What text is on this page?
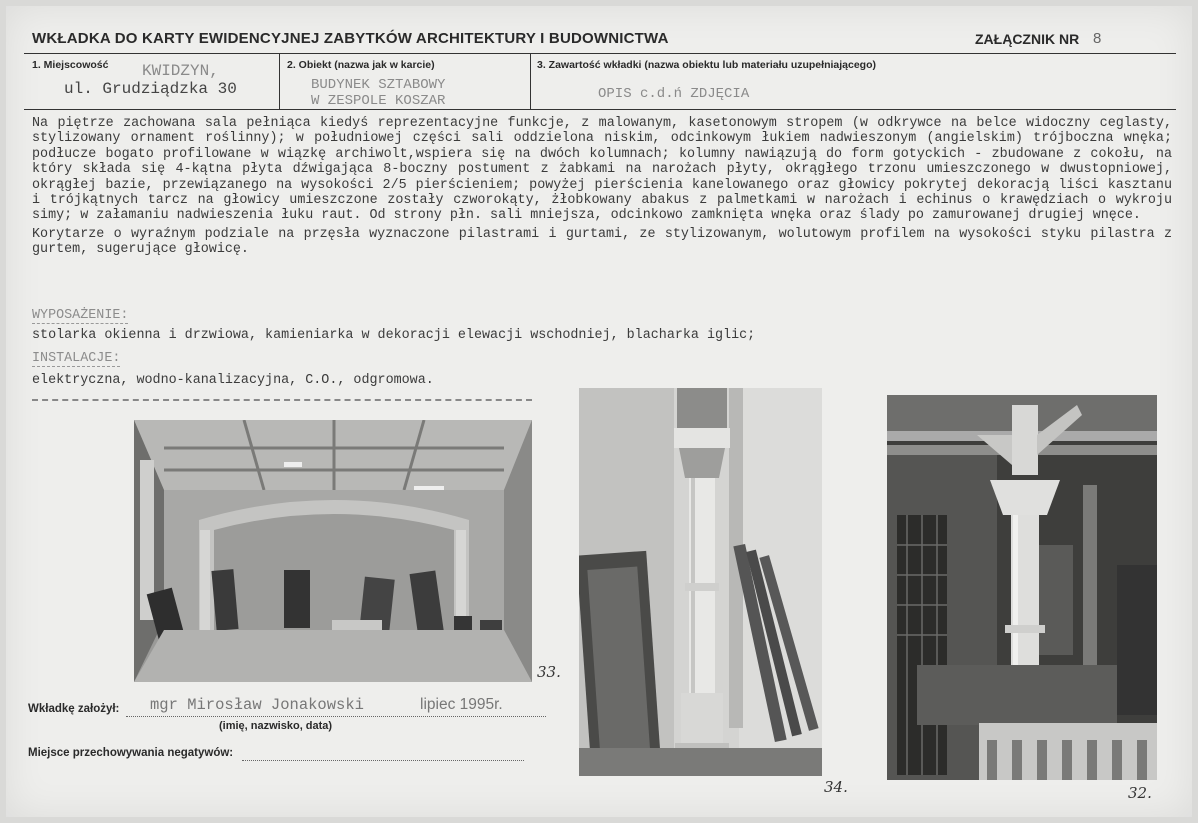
WKŁADKA DO KARTY EWIDENCYJNEJ ZABYTKÓW ARCHITEKTURY I BUDOWNICTWA	ZAŁĄCZNIK NR 8
1. Miejscowość KWIDZYN,
ul. Grudziądzka 30
2. Obiekt (nazwa jak w karcie)
BUDYNEK SZTABOWY
W ZESPOLE KOSZAR
3. Zawartość wkładki (nazwa obiektu lub materiału uzupełniającego)
OPIS c.d.ń ZDJĘCIA

Na piętrze zachowana sala pełniąca kiedyś reprezentacyjne funkcje, z malowanym, kasetonowym stropem (w odkrywce na belce widoczny ceglasty, stylizowany ornament roślinny); w południowej części sali oddzielona niskim, odcinkowym łukiem nadwieszonym (angielskim) trójboczna wnęka; podłucze bogato profilowane w wiązkę archiwolt,wspiera się na dwóch kolumnach; kolumny nawiązują do form gotyckich - zbudowane z cokołu, na który składa się 4-kątna płyta dźwigająca 8-boczny postument z żabkami na narożach płyty, okrągłego trzonu umieszczonego w dwustopniowej, okrągłej bazie, przewiązanego na wysokości 2/5 pierścieniem; powyżej pierścienia kanelowanego oraz głowicy pokrytej dekoracją liści kasztanu i trójkątnych tarcz na głowicy umieszczone zostały czworokąty, żłobkowany abakus z palmetkami w narożach i echinus o krawędziach o wykroju simy; w załamaniu nadwieszenia łuku raut. Od strony płn. sali mniejsza, odcinkowo zamknięta wnęka oraz ślady po zamurowanej drugiej wnęce.

Korytarze o wyraźnym podziale na przęsła wyznaczone pilastrami i gurtami, ze stylizowanym, wolutowym profilem na wysokości styku pilastra z gurtem, sugerujące głowicę.

WYPOSAŻENIE:
stolarka okienna i drzwiowa, kamieniarka w dekoracji elewacji wschodniej, blacharka iglic;
INSTALACJE:
elektryczna, wodno-kanalizacyjna, C.O., odgromowa.
33.
34.	32.
Wkładkę założył: mgr Mirosław Jonakowski	lipiec 1995r.
(imię, nazwisko, data)
Miejsce przechowywania negatywów:
